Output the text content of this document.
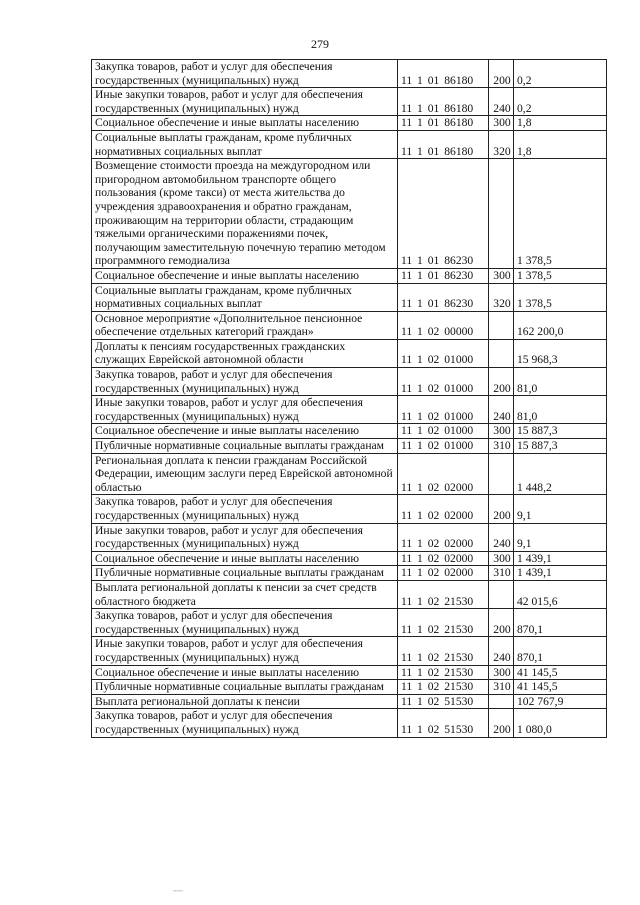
279
Закупка товаров, работ и услуг для обеспечения государственных (муниципальных) нужд	11 1 01 86180	200	0,2
Иные закупки товаров, работ и услуг для обеспечения государственных (муниципальных) нужд	11 1 01 86180	240	0,2
Социальное обеспечение и иные выплаты населению	11 1 01 86180	300	1,8
Социальные выплаты гражданам, кроме публичных нормативных социальных выплат	11 1 01 86180	320	1,8
Возмещение стоимости проезда на междугородном или пригородном автомобильном транспорте общего пользования (кроме такси) от места жительства до учреждения здравоохранения и обратно гражданам, проживающим на территории области, страдающим тяжелыми органическими поражениями почек, получающим заместительную почечную терапию методом программного гемодиализа	11 1 01 86230		1 378,5
Социальное обеспечение и иные выплаты населению	11 1 01 86230	300	1 378,5
Социальные выплаты гражданам, кроме публичных нормативных социальных выплат	11 1 01 86230	320	1 378,5
Основное мероприятие «Дополнительное пенсионное обеспечение отдельных категорий граждан»	11 1 02 00000		162 200,0
Доплаты к пенсиям государственных гражданских служащих Еврейской автономной области	11 1 02 01000		15 968,3
Закупка товаров, работ и услуг для обеспечения государственных (муниципальных) нужд	11 1 02 01000	200	81,0
Иные закупки товаров, работ и услуг для обеспечения государственных (муниципальных) нужд	11 1 02 01000	240	81,0
Социальное обеспечение и иные выплаты населению	11 1 02 01000	300	15 887,3
Публичные нормативные социальные выплаты гражданам	11 1 02 01000	310	15 887,3
Региональная доплата к пенсии гражданам Российской Федерации, имеющим заслуги перед Еврейской автономной областью	11 1 02 02000		1 448,2
Закупка товаров, работ и услуг для обеспечения государственных (муниципальных) нужд	11 1 02 02000	200	9,1
Иные закупки товаров, работ и услуг для обеспечения государственных (муниципальных) нужд	11 1 02 02000	240	9,1
Социальное обеспечение и иные выплаты населению	11 1 02 02000	300	1 439,1
Публичные нормативные социальные выплаты гражданам	11 1 02 02000	310	1 439,1
Выплата региональной доплаты к пенсии за счет средств областного бюджета	11 1 02 21530		42 015,6
Закупка товаров, работ и услуг для обеспечения государственных (муниципальных) нужд	11 1 02 21530	200	870,1
Иные закупки товаров, работ и услуг для обеспечения государственных (муниципальных) нужд	11 1 02 21530	240	870,1
Социальное обеспечение и иные выплаты населению	11 1 02 21530	300	41 145,5
Публичные нормативные социальные выплаты гражданам	11 1 02 21530	310	41 145,5
Выплата региональной доплаты к пенсии	11 1 02 51530		102 767,9
Закупка товаров, работ и услуг для обеспечения государственных (муниципальных) нужд	11 1 02 51530	200	1 080,0
~~~
